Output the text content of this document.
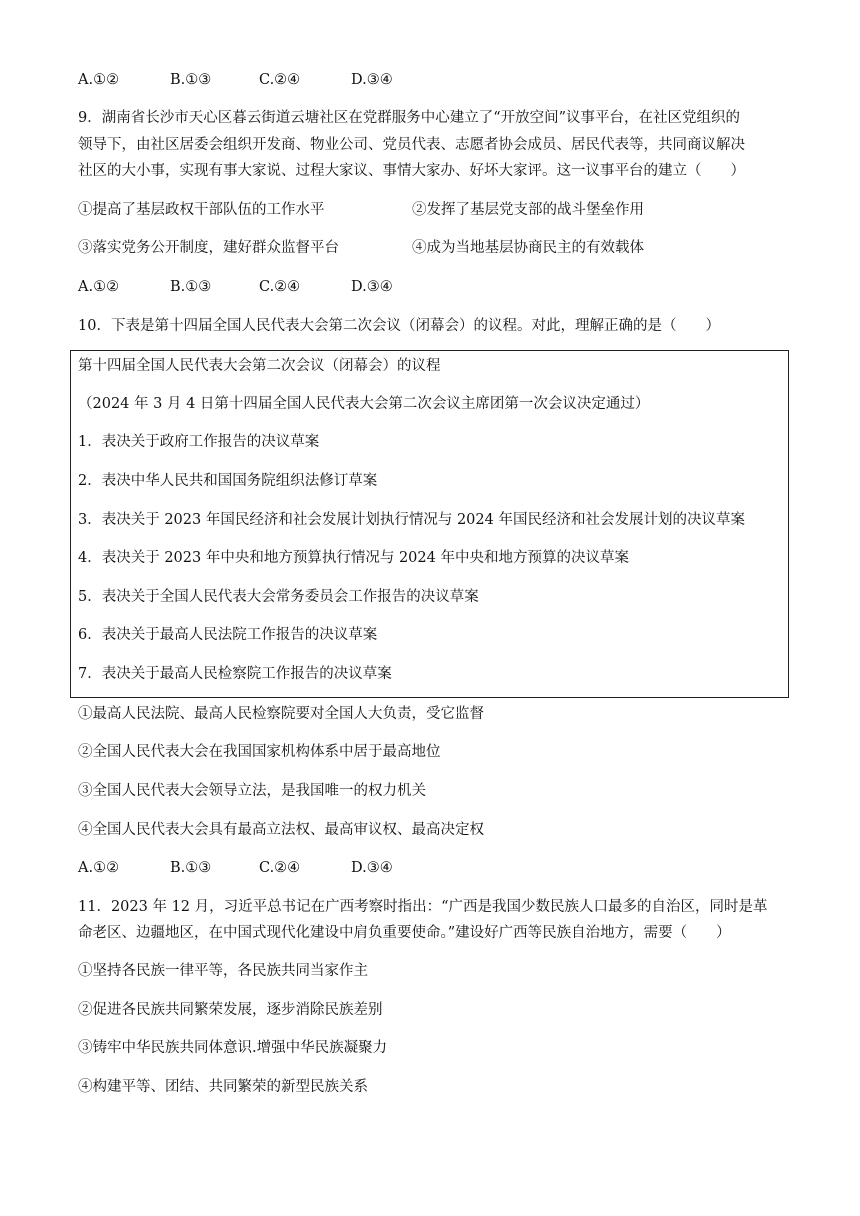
A.①②	B.①③	C.②④	D.③④
9．湖南省长沙市天心区暮云街道云塘社区在党群服务中心建立了“开放空间”议事平台，在社区党组织的
领导下，由社区居委会组织开发商、物业公司、党员代表、志愿者协会成员、居民代表等，共同商议解决
社区的大小事，实现有事大家说、过程大家议、事情大家办、好坏大家评。这一议事平台的建立（　　）
①提高了基层政权干部队伍的工作水平	②发挥了基层党支部的战斗堡垒作用
③落实党务公开制度，建好群众监督平台	④成为当地基层协商民主的有效载体
A.①②	B.①③	C.②④	D.③④
10．下表是第十四届全国人民代表大会第二次会议（闭幕会）的议程。对此，理解正确的是（　　）
第十四届全国人民代表大会第二次会议（闭幕会）的议程
（2024 年 3 月 4 日第十四届全国人民代表大会第二次会议主席团第一次会议决定通过）
1．表决关于政府工作报告的决议草案
2．表决中华人民共和国国务院组织法修订草案
3．表决关于 2023 年国民经济和社会发展计划执行情况与 2024 年国民经济和社会发展计划的决议草案
4．表决关于 2023 年中央和地方预算执行情况与 2024 年中央和地方预算的决议草案
5．表决关于全国人民代表大会常务委员会工作报告的决议草案
6．表决关于最高人民法院工作报告的决议草案
7．表决关于最高人民检察院工作报告的决议草案
①最高人民法院、最高人民检察院要对全国人大负责，受它监督
②全国人民代表大会在我国国家机构体系中居于最高地位
③全国人民代表大会领导立法，是我国唯一的权力机关
④全国人民代表大会具有最高立法权、最高审议权、最高决定权
A.①②	B.①③	C.②④	D.③④
11．2023 年 12 月，习近平总书记在广西考察时指出：“广西是我国少数民族人口最多的自治区，同时是革
命老区、边疆地区，在中国式现代化建设中肩负重要使命。”建设好广西等民族自治地方，需要（　　）
①坚持各民族一律平等，各民族共同当家作主
②促进各民族共同繁荣发展，逐步消除民族差别
③铸牢中华民族共同体意识.增强中华民族凝聚力
④构建平等、团结、共同繁荣的新型民族关系
